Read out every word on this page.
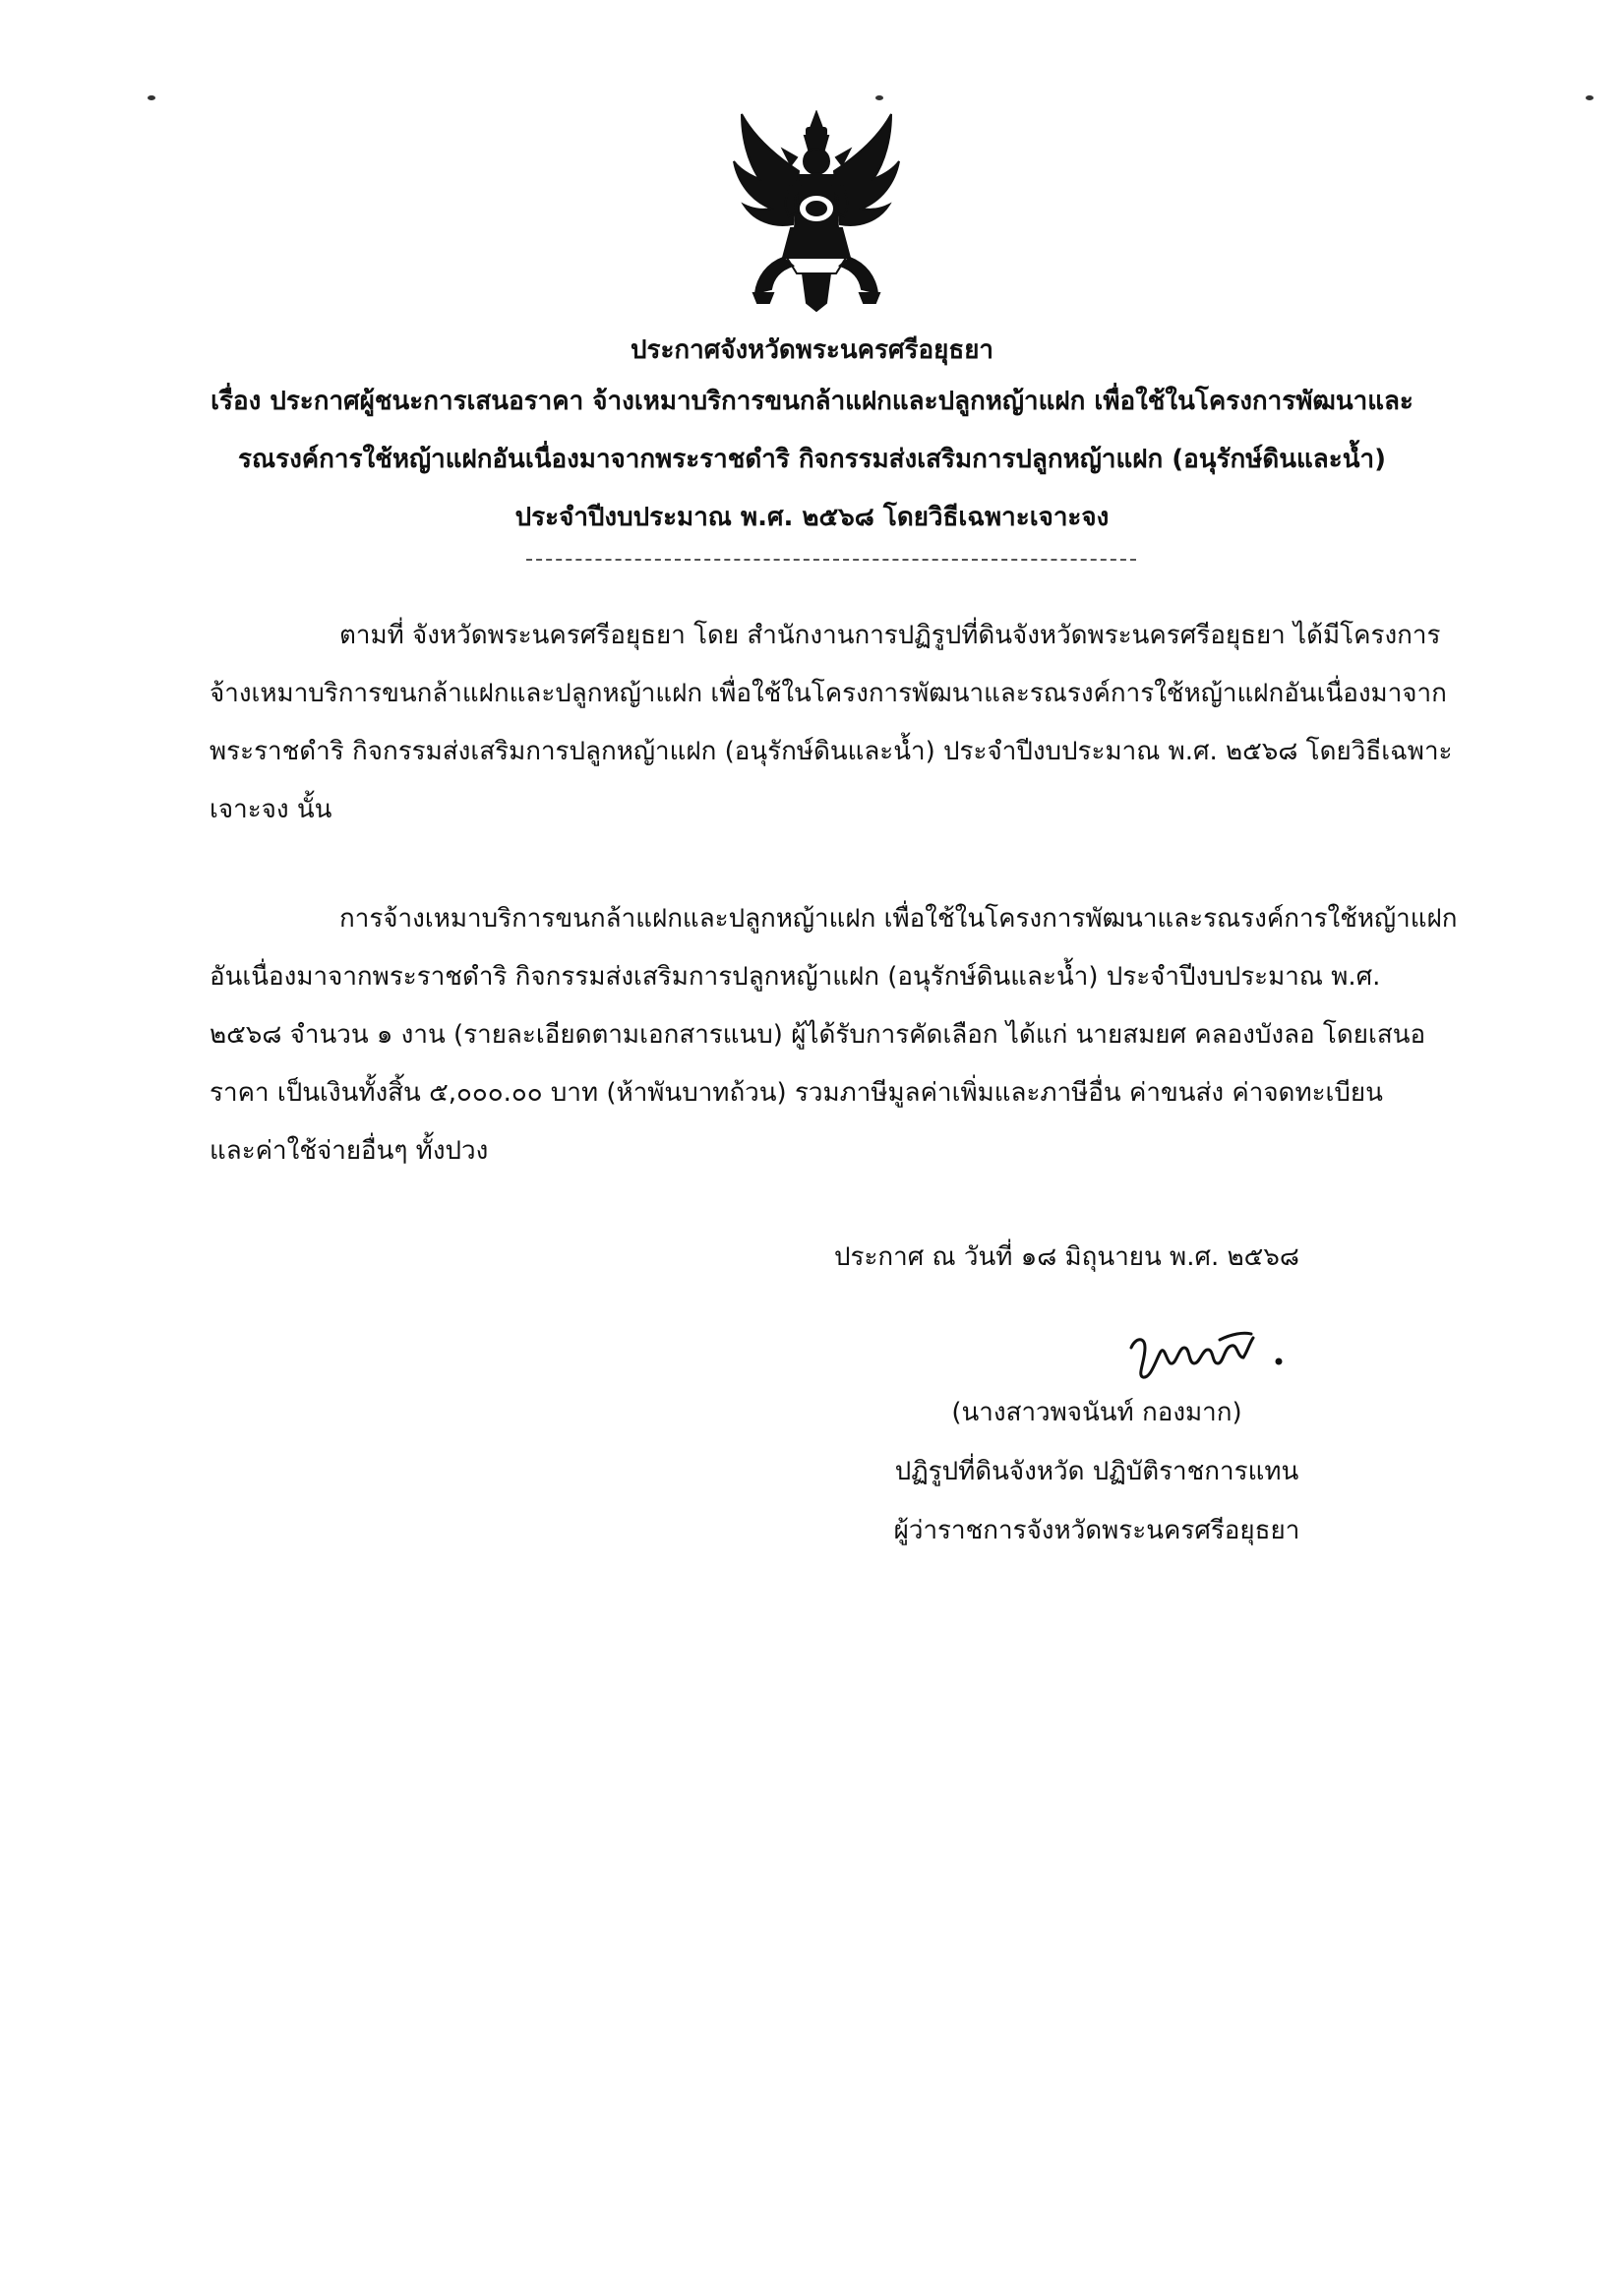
ประกาศจังหวัดพระนครศรีอยุธยา
เรื่อง ประกาศผู้ชนะการเสนอราคา จ้างเหมาบริการขนกล้าแฝกและปลูกหญ้าแฝก เพื่อใช้ในโครงการพัฒนาและ
รณรงค์การใช้หญ้าแฝกอันเนื่องมาจากพระราชดำริ กิจกรรมส่งเสริมการปลูกหญ้าแฝก (อนุรักษ์ดินและน้ำ)
ประจำปีงบประมาณ พ.ศ. ๒๕๖๘ โดยวิธีเฉพาะเจาะจง
ตามที่ จังหวัดพระนครศรีอยุธยา โดย สำนักงานการปฏิรูปที่ดินจังหวัดพระนครศรีอยุธยา ได้มีโครงการ
จ้างเหมาบริการขนกล้าแฝกและปลูกหญ้าแฝก เพื่อใช้ในโครงการพัฒนาและรณรงค์การใช้หญ้าแฝกอันเนื่องมาจาก
พระราชดำริ กิจกรรมส่งเสริมการปลูกหญ้าแฝก (อนุรักษ์ดินและน้ำ) ประจำปีงบประมาณ พ.ศ. ๒๕๖๘ โดยวิธีเฉพาะ
เจาะจง นั้น
การจ้างเหมาบริการขนกล้าแฝกและปลูกหญ้าแฝก เพื่อใช้ในโครงการพัฒนาและรณรงค์การใช้หญ้าแฝก
อันเนื่องมาจากพระราชดำริ กิจกรรมส่งเสริมการปลูกหญ้าแฝก (อนุรักษ์ดินและน้ำ) ประจำปีงบประมาณ พ.ศ.
๒๕๖๘ จำนวน ๑ งาน (รายละเอียดตามเอกสารแนบ) ผู้ได้รับการคัดเลือก ได้แก่ นายสมยศ คลองบังลอ โดยเสนอ
ราคา เป็นเงินทั้งสิ้น ๕,๐๐๐.๐๐ บาท (ห้าพันบาทถ้วน) รวมภาษีมูลค่าเพิ่มและภาษีอื่น ค่าขนส่ง ค่าจดทะเบียน
และค่าใช้จ่ายอื่นๆ ทั้งปวง
ประกาศ ณ วันที่ ๑๘ มิถุนายน พ.ศ. ๒๕๖๘
(นางสาวพจนันท์ กองมาก)
ปฏิรูปที่ดินจังหวัด ปฏิบัติราชการแทน
ผู้ว่าราชการจังหวัดพระนครศรีอยุธยา
